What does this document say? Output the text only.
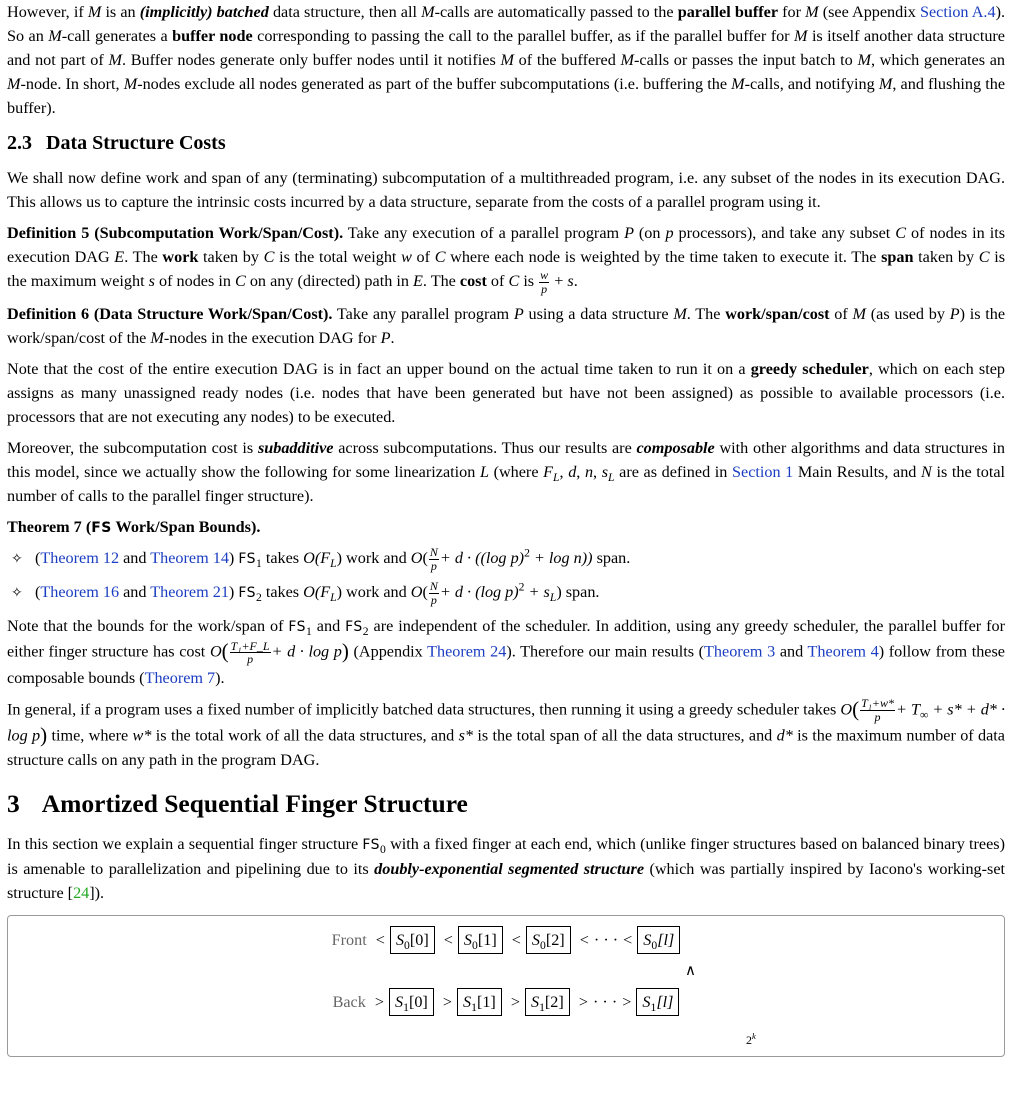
However, if M is an (implicitly) batched data structure, then all M-calls are automatically passed to the parallel buffer for M (see Appendix Section A.4). So an M-call generates a buffer node corresponding to passing the call to the parallel buffer, as if the parallel buffer for M is itself another data structure and not part of M. Buffer nodes generate only buffer nodes until it notifies M of the buffered M-calls or passes the input batch to M, which generates an M-node. In short, M-nodes exclude all nodes generated as part of the buffer subcomputations (i.e. buffering the M-calls, and notifying M, and flushing the buffer).

2.3 Data Structure Costs

We shall now define work and span of any (terminating) subcomputation of a multithreaded program, i.e. any subset of the nodes in its execution DAG. This allows us to capture the intrinsic costs incurred by a data structure, separate from the costs of a parallel program using it.

Definition 5 (Subcomputation Work/Span/Cost). Take any execution of a parallel program P (on p processors), and take any subset C of nodes in its execution DAG E. The work taken by C is the total weight w of C where each node is weighted by the time taken to execute it. The span taken by C is the maximum weight s of nodes in C on any (directed) path in E. The cost of C is $\frac{w}{p} + s$.

Definition 6 (Data Structure Work/Span/Cost). Take any parallel program P using a data structure M. The work/span/cost of M (as used by P) is the work/span/cost of the M-nodes in the execution DAG for P.

Note that the cost of the entire execution DAG is in fact an upper bound on the actual time taken to run it on a greedy scheduler, which on each step assigns as many unassigned ready nodes (i.e. nodes that have been generated but have not been assigned) as possible to available processors (i.e. processors that are not executing any nodes) to be executed.

Moreover, the subcomputation cost is subadditive across subcomputations. Thus our results are composable with other algorithms and data structures in this model, since we actually show the following for some linearization L (where $F_L$, d, n, $s_L$ are as defined in Section 1 Main Results, and N is the total number of calls to the parallel finger structure).

Theorem 7 (FS Work/Span Bounds).

✧ (Theorem 12 and Theorem 14) $FS_1$ takes $O(F_L)$ work and $O( \frac{N}{p} + d \cdot ((\log$ p)$^2$ + log n)) span.
✧ (Theorem 16 and Theorem 21) $FS_2$ takes $O(F_L)$ work and $O( \frac{N}{p} + d \cdot (\log$ $p)^2 + s_L$) span.

Note that the bounds for the work/span of $FS_1$ and $FS_2$ are independent of the scheduler. In addition, using any greedy scheduler, the parallel buffer for either finger structure has cost $O( \frac{\text{T₁+F\_L}}{p} + d \cdot \log p)$ (Appendix Theorem 24). Therefore our main results (Theorem 3 and Theorem 4) follow from these composable bounds (Theorem 7).

In general, if a program uses a fixed number of implicitly batched data structures, then running it using a greedy scheduler takes $O( \frac{\text{T₁+w*}}{p} + T_\infty + s* + d* \cdot \log p)$ time, where w* is the total work of all the data structures, and s* is the total span of all the data structures, and d* is the maximum number of data structure calls on any path in the program DAG.

3 Amortized Sequential Finger Structure

In this section we explain a sequential finger structure $FS_0$ with a fixed finger at each end, which (unlike finger structures based on balanced binary trees) is amenable to parallelization and pipelining due to its doubly-exponential segmented structure (which was partially inspired by Iacono's working-set structure [24]).

Front < $S_0[0] < S_0[1] < S_0[2]$ < · · · < $S_0[l]$
∧
Back > $S_1[0] > S_1[1] > S_1[2]$ > · · · > $S_1[l]$
2$^k$
